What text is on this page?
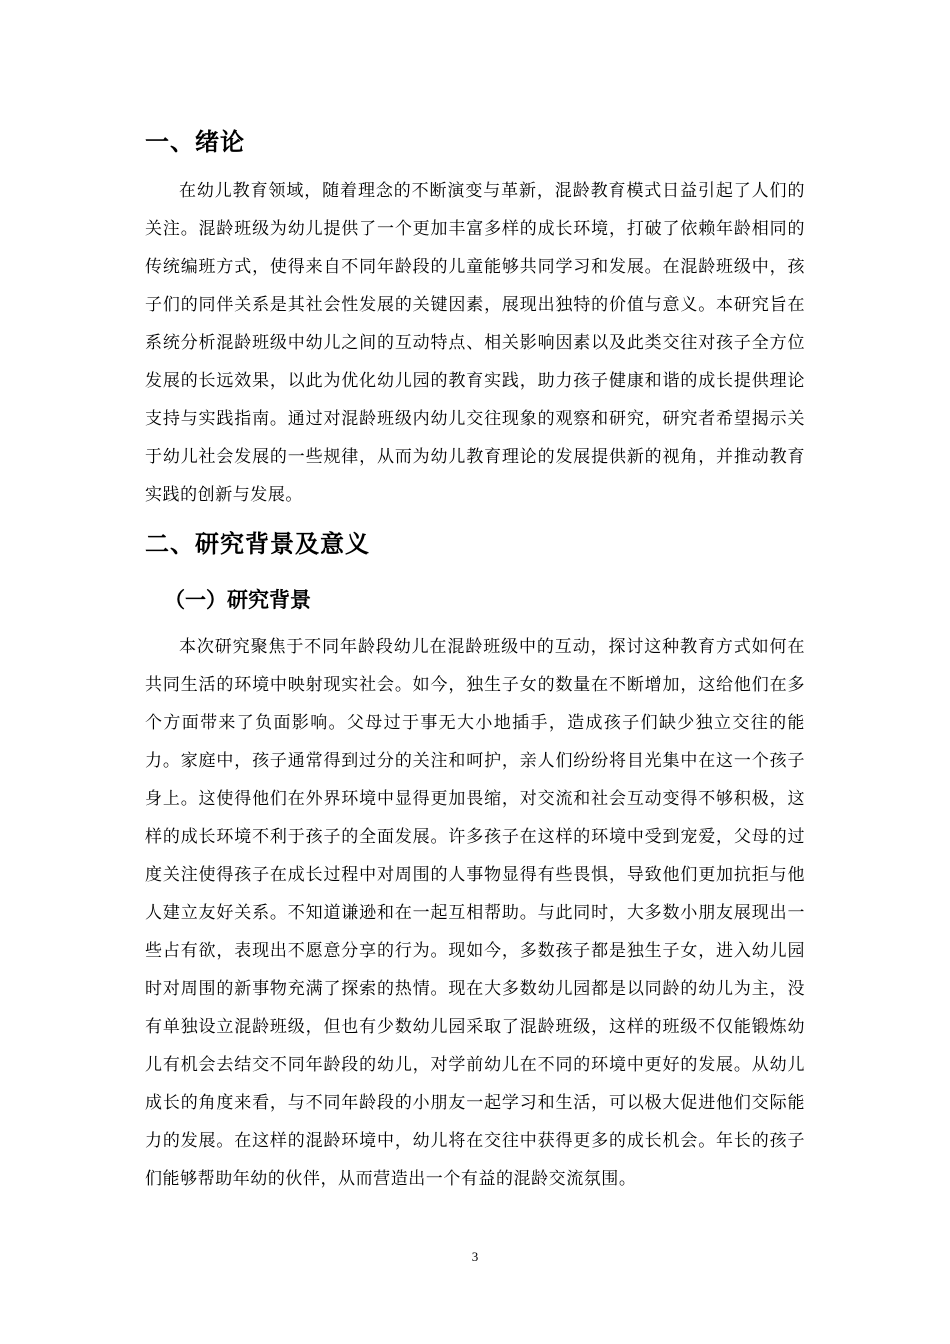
一、绪论

在幼儿教育领域，随着理念的不断演变与革新，混龄教育模式日益引起了人们的关注。混龄班级为幼儿提供了一个更加丰富多样的成长环境，打破了依赖年龄相同的传统编班方式，使得来自不同年龄段的儿童能够共同学习和发展。在混龄班级中，孩子们的同伴关系是其社会性发展的关键因素，展现出独特的价值与意义。本研究旨在系统分析混龄班级中幼儿之间的互动特点、相关影响因素以及此类交往对孩子全方位发展的长远效果，以此为优化幼儿园的教育实践，助力孩子健康和谐的成长提供理论支持与实践指南。通过对混龄班级内幼儿交往现象的观察和研究，研究者希望揭示关于幼儿社会发展的一些规律，从而为幼儿教育理论的发展提供新的视角，并推动教育实践的创新与发展。

二、研究背景及意义
（一）研究背景

本次研究聚焦于不同年龄段幼儿在混龄班级中的互动，探讨这种教育方式如何在共同生活的环境中映射现实社会。如今，独生子女的数量在不断增加，这给他们在多个方面带来了负面影响。父母过于事无大小地插手，造成孩子们缺少独立交往的能力。家庭中，孩子通常得到过分的关注和呵护，亲人们纷纷将目光集中在这一个孩子身上。这使得他们在外界环境中显得更加畏缩，对交流和社会互动变得不够积极，这样的成长环境不利于孩子的全面发展。许多孩子在这样的环境中受到宠爱，父母的过度关注使得孩子在成长过程中对周围的人事物显得有些畏惧，导致他们更加抗拒与他人建立友好关系。不知道谦逊和在一起互相帮助。与此同时，大多数小朋友展现出一些占有欲，表现出不愿意分享的行为。现如今，多数孩子都是独生子女，进入幼儿园时对周围的新事物充满了探索的热情。现在大多数幼儿园都是以同龄的幼儿为主，没有单独设立混龄班级，但也有少数幼儿园采取了混龄班级，这样的班级不仅能锻炼幼儿有机会去结交不同年龄段的幼儿，对学前幼儿在不同的环境中更好的发展。从幼儿成长的角度来看，与不同年龄段的小朋友一起学习和生活，可以极大促进他们交际能力的发展。在这样的混龄环境中，幼儿将在交往中获得更多的成长机会。年长的孩子们能够帮助年幼的伙伴，从而营造出一个有益的混龄交流氛围。

3
